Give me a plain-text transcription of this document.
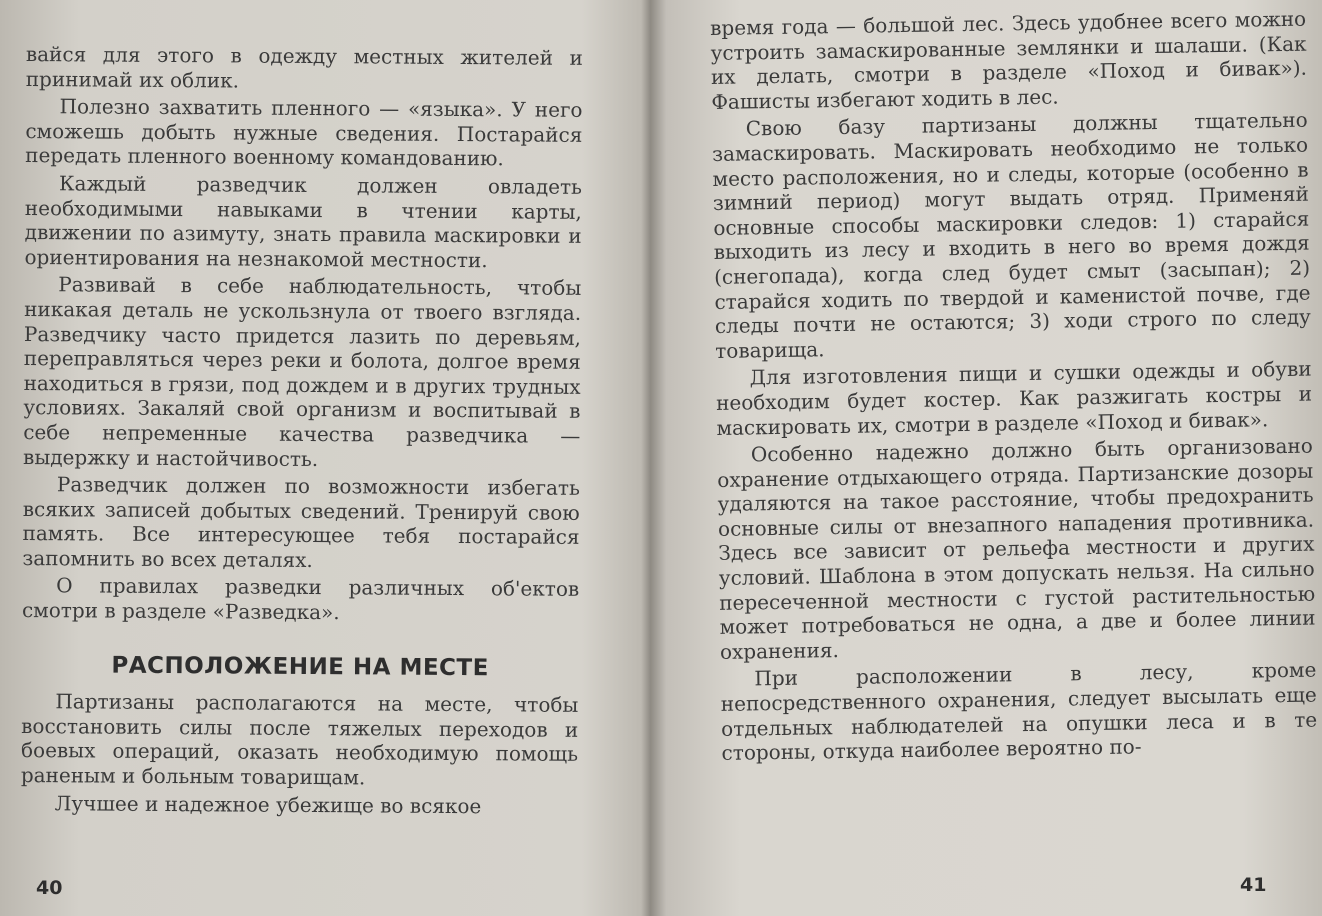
вайся для этого в одежду местных жителей и принимай их облик.

Полезно захватить пленного — «языка». У него сможешь добыть нужные сведения. Постарайся передать пленного военному командованию.

Каждый разведчик должен овладеть необходимыми навыками в чтении карты, движении по азимуту, знать правила маскировки и ориентирования на незнакомой местности.

Развивай в себе наблюдательность, чтобы никакая деталь не ускользнула от твоего взгляда. Разведчику часто придется лазить по деревьям, переправляться через реки и болота, долгое время находиться в грязи, под дождем и в других трудных условиях. Закаляй свой организм и воспитывай в себе непременные качества разведчика — выдержку и настойчивость.

Разведчик должен по возможности избегать всяких записей добытых сведений. Тренируй свою память. Все интересующее тебя постарайся запомнить во всех деталях.

О правилах разведки различных об'ектов смотри в разделе «Разведка».

РАСПОЛОЖЕНИЕ НА МЕСТЕ

Партизаны располагаются на месте, чтобы восстановить силы после тяжелых переходов и боевых операций, оказать необходимую помощь раненым и больным товарищам.

Лучшее и надежное убежище во всякое

40

время года — большой лес. Здесь удобнее всего можно устроить замаскированные землянки и шалаши. (Как их делать, смотри в разделе «Поход и бивак»). Фашисты избегают ходить в лес.

Свою базу партизаны должны тщательно замаскировать. Маскировать необходимо не только место расположения, но и следы, которые (особенно в зимний период) могут выдать отряд. Применяй основные способы маскировки следов: 1) старайся выходить из лесу и входить в него во время дождя (снегопада), когда след будет смыт (засыпан); 2) старайся ходить по твердой и каменистой почве, где следы почти не остаются; 3) ходи строго по следу товарища.

Для изготовления пищи и сушки одежды и обуви необходим будет костер. Как разжигать костры и маскировать их, смотри в разделе «Поход и бивак».

Особенно надежно должно быть организовано охранение отдыхающего отряда. Партизанские дозоры удаляются на такое расстояние, чтобы предохранить основные силы от внезапного нападения противника. Здесь все зависит от рельефа местности и других условий. Шаблона в этом допускать нельзя. На сильно пересеченной местности с густой растительностью может потребоваться не одна, а две и более линии охранения.

При расположении в лесу, кроме непосредственного охранения, следует высылать еще отдельных наблюдателей на опушки леса и в те стороны, откуда наиболее вероятно по-

41
